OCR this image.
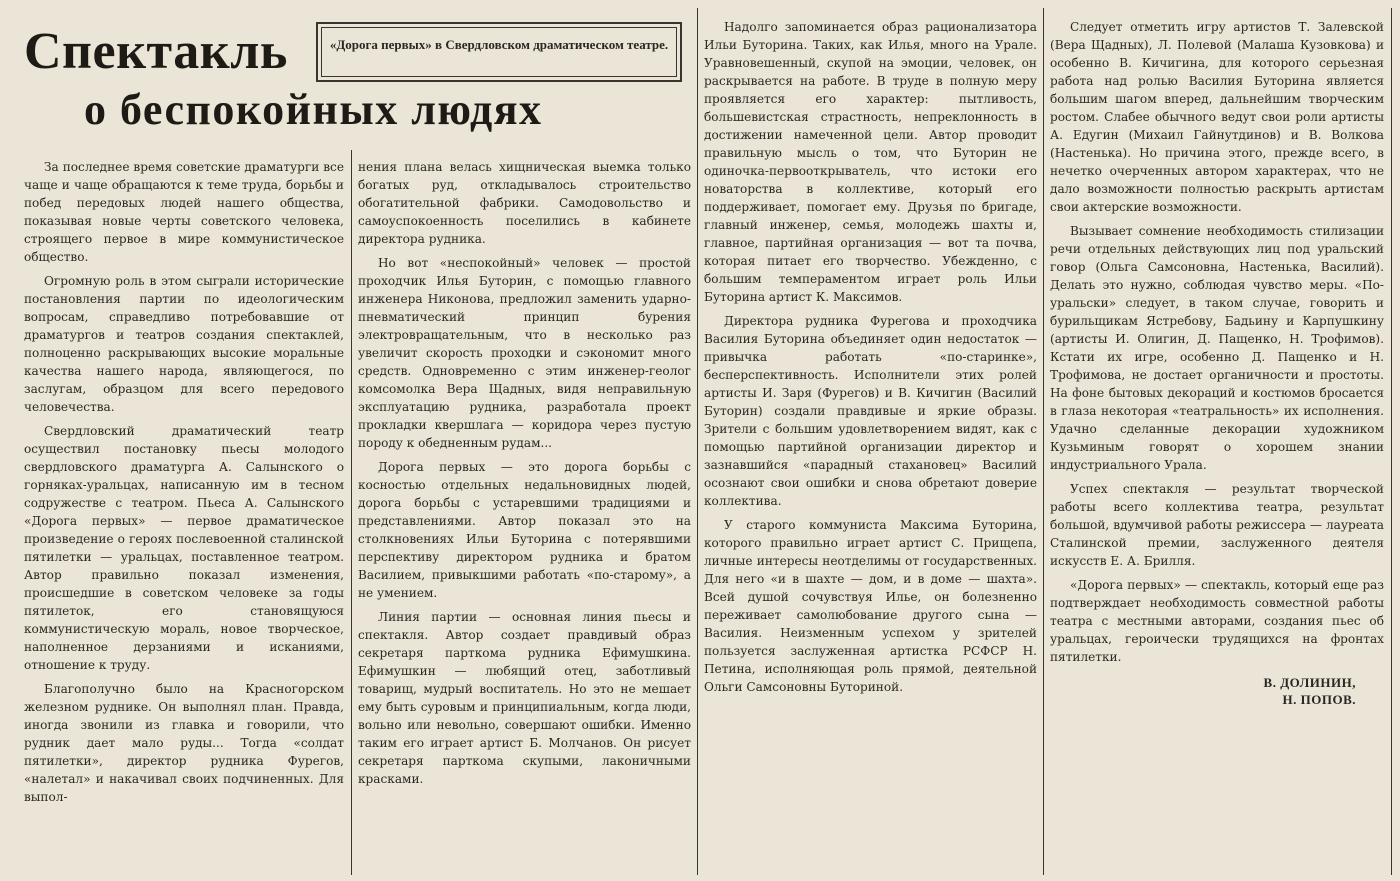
Спектакль
о беспокойных людях

«Дорога первых» в Свердловском драматическом театре.

За последнее время советские драматурги все чаще и чаще обращаются к теме труда, борьбы и побед передовых людей нашего общества, показывая новые черты советского человека, строящего первое в мире коммунистическое общество.

Огромную роль в этом сыграли исторические постановления партии по идеологическим вопросам, справедливо потребовавшие от драматургов и театров создания спектаклей, полноценно раскрывающих высокие моральные качества нашего народа, являющегося, по заслугам, образцом для всего передового человечества.

Свердловский драматический театр осуществил постановку пьесы молодого свердловского драматурга А. Салынского о горняках-уральцах, написанную им в тесном содружестве с театром. Пьеса А. Салынского «Дорога первых» — первое драматическое произведение о героях послевоенной сталинской пятилетки — уральцах, поставленное театром. Автор правильно показал изменения, происшедшие в советском человеке за годы пятилеток, его становящуюся коммунистическую мораль, новое творческое, наполненное дерзаниями и исканиями, отношение к труду.

Благополучно было на Красногорском железном руднике. Он выполнял план. Правда, иногда звонили из главка и говорили, что рудник дает мало руды... Тогда «солдат пятилетки», директор рудника Фурегов, «налетал» и накачивал своих подчиненных. Для выпол-

нения плана велась хищническая выемка только богатых руд, откладывалось строительство обогатительной фабрики. Самодовольство и самоуспокоенность поселились в кабинете директора рудника.

Но вот «неспокойный» человек — простой проходчик Илья Буторин, с помощью главного инженера Никонова, предложил заменить ударно-пневматический принцип бурения электровращательным, что в несколько раз увеличит скорость проходки и сэкономит много средств. Одновременно с этим инженер-геолог комсомолка Вера Щадных, видя неправильную эксплуатацию рудника, разработала проект прокладки квершлага — коридора через пустую породу к обедненным рудам...

Дорога первых — это дорога борьбы с косностью отдельных недальновидных людей, дорога борьбы с устаревшими традициями и представлениями. Автор показал это на столкновениях Ильи Буторина с потерявшими перспективу директором рудника и братом Василием, привыкшими работать «по-старому», а не умением.

Линия партии — основная линия пьесы и спектакля. Автор создает правдивый образ секретаря парткома рудника Ефимушкина. Ефимушкин — любящий отец, заботливый товарищ, мудрый воспитатель. Но это не мешает ему быть суровым и принципиальным, когда люди, вольно или невольно, совершают ошибки. Именно таким его играет артист Б. Молчанов. Он рисует секретаря парткома скупыми, лаконичными красками.

Надолго запоминается образ рационализатора Ильи Буторина. Таких, как Илья, много на Урале. Уравновешенный, скупой на эмоции, человек, он раскрывается на работе. В труде в полную меру проявляется его характер: пытливость, большевистская страстность, непреклонность в достижении намеченной цели. Автор проводит правильную мысль о том, что Буторин не одиночка-первооткрыватель, что истоки его новаторства в коллективе, который его поддерживает, помогает ему. Друзья по бригаде, главный инженер, семья, молодежь шахты и, главное, партийная организация — вот та почва, которая питает его творчество. Убежденно, с большим темпераментом играет роль Ильи Буторина артист К. Максимов.

Директора рудника Фурегова и проходчика Василия Буторина объединяет один недостаток — привычка работать «по-старинке», бесперспективность. Исполнители этих ролей артисты И. Заря (Фурегов) и В. Кичигин (Василий Буторин) создали правдивые и яркие образы. Зрители с большим удовлетворением видят, как с помощью партийной организации директор и зазнавшийся «парадный стахановец» Василий осознают свои ошибки и снова обретают доверие коллектива.

У старого коммуниста Максима Буторина, которого правильно играет артист С. Прищепа, личные интересы неотделимы от государственных. Для него «и в шахте — дом, и в доме — шахта». Всей душой сочувствуя Илье, он болезненно переживает самолюбование другого сына — Василия. Неизменным успехом у зрителей пользуется заслуженная артистка РСФСР Н. Петина, исполняющая роль прямой, деятельной Ольги Самсоновны Буториной.

Следует отметить игру артистов Т. Залевской (Вера Щадных), Л. Полевой (Малаша Кузовкова) и особенно В. Кичигина, для которого серьезная работа над ролью Василия Буторина является большим шагом вперед, дальнейшим творческим ростом. Слабее обычного ведут свои роли артисты А. Едугин (Михаил Гайнутдинов) и В. Волкова (Настенька). Но причина этого, прежде всего, в нечетко очерченных автором характерах, что не дало возможности полностью раскрыть артистам свои актерские возможности.

Вызывает сомнение необходимость стилизации речи отдельных действующих лиц под уральский говор (Ольга Самсоновна, Настенька, Василий). Делать это нужно, соблюдая чувство меры. «По-уральски» следует, в таком случае, говорить и бурильщикам Ястребову, Бадьину и Карпушкину (артисты И. Олигин, Д. Пащенко, Н. Трофимов). Кстати их игре, особенно Д. Пащенко и Н. Трофимова, не достает органичности и простоты. На фоне бытовых декораций и костюмов бросается в глаза некоторая «театральность» их исполнения. Удачно сделанные декорации художником Кузьминым говорят о хорошем знании индустриального Урала.

Успех спектакля — результат творческой работы всего коллектива театра, результат большой, вдумчивой работы режиссера — лауреата Сталинской премии, заслуженного деятеля искусств Е. А. Брилля.

«Дорога первых» — спектакль, который еще раз подтверждает необходимость совместной работы театра с местными авторами, создания пьес об уральцах, героически трудящихся на фронтах пятилетки.

В. ДОЛИНИН,
Н. ПОПОВ.
